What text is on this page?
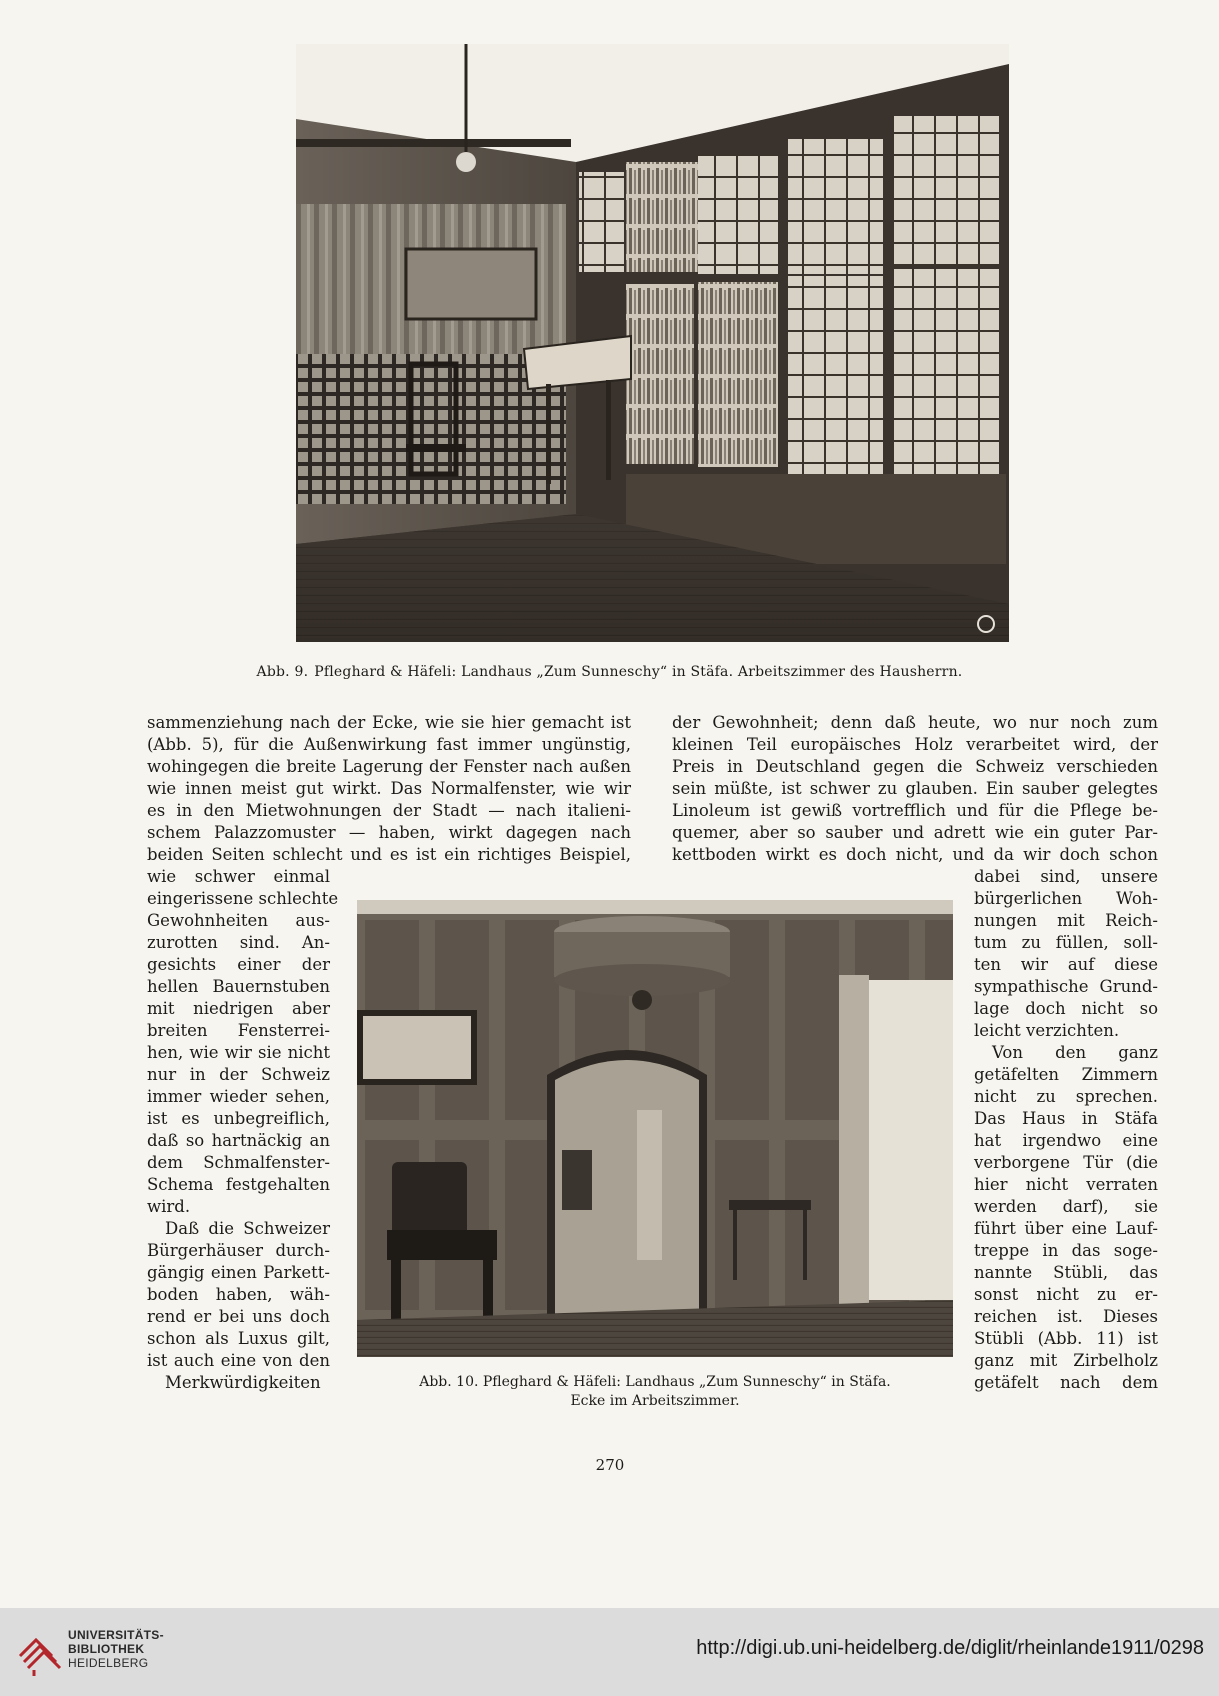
Abb. 9. Pfleghard & Häfeli: Landhaus „Zum Sunneschy“ in Stäfa. Arbeitszimmer des Hausherrn.
sammenziehung nach der Ecke, wie sie hier gemacht ist
(Abb. 5), für die Außenwirkung fast immer ungünstig,
wohingegen die breite Lagerung der Fenster nach außen
wie innen meist gut wirkt. Das Normalfenster, wie wir
es in den Mietwohnungen der Stadt — nach italieni-
schem Palazzomuster — haben, wirkt dagegen nach
beiden Seiten schlecht und es ist ein richtiges Beispiel,
der Gewohnheit; denn daß heute, wo nur noch zum
kleinen Teil europäisches Holz verarbeitet wird, der
Preis in Deutschland gegen die Schweiz verschieden
sein müßte, ist schwer zu glauben. Ein sauber gelegtes
Linoleum ist gewiß vortrefflich und für die Pflege be-
quemer, aber so sauber und adrett wie ein guter Par-
kettboden wirkt es doch nicht, und da wir doch schon
wie schwer einmal
eingerissene schlechte
Gewohnheiten aus-
zurotten sind. An-
gesichts einer der
hellen Bauernstuben
mit niedrigen aber
breiten Fensterrei-
hen, wie wir sie nicht
nur in der Schweiz
immer wieder sehen,
ist es unbegreiflich,
daß so hartnäckig an
dem Schmalfenster-
Schema festgehalten
wird.
Daß die Schweizer
Bürgerhäuser durch-
gängig einen Parkett-
boden haben, wäh-
rend er bei uns doch
schon als Luxus gilt,
ist auch eine von den
Merkwürdigkeiten
dabei sind, unsere
bürgerlichen Woh-
nungen mit Reich-
tum zu füllen, soll-
ten wir auf diese
sympathische Grund-
lage doch nicht so
leicht verzichten.
Von den ganz
getäfelten Zimmern
nicht zu sprechen.
Das Haus in Stäfa
hat irgendwo eine
verborgene Tür (die
hier nicht verraten
werden darf), sie
führt über eine Lauf-
treppe in das soge-
nannte Stübli, das
sonst nicht zu er-
reichen ist. Dieses
Stübli (Abb. 11) ist
ganz mit Zirbelholz
getäfelt nach dem
Abb. 10. Pfleghard & Häfeli: Landhaus „Zum Sunneschy“ in Stäfa.
Ecke im Arbeitszimmer.
270
UNIVERSITÄTS-
BIBLIOTHEK
HEIDELBERG
http://digi.ub.uni-heidelberg.de/diglit/rheinlande1911/0298
